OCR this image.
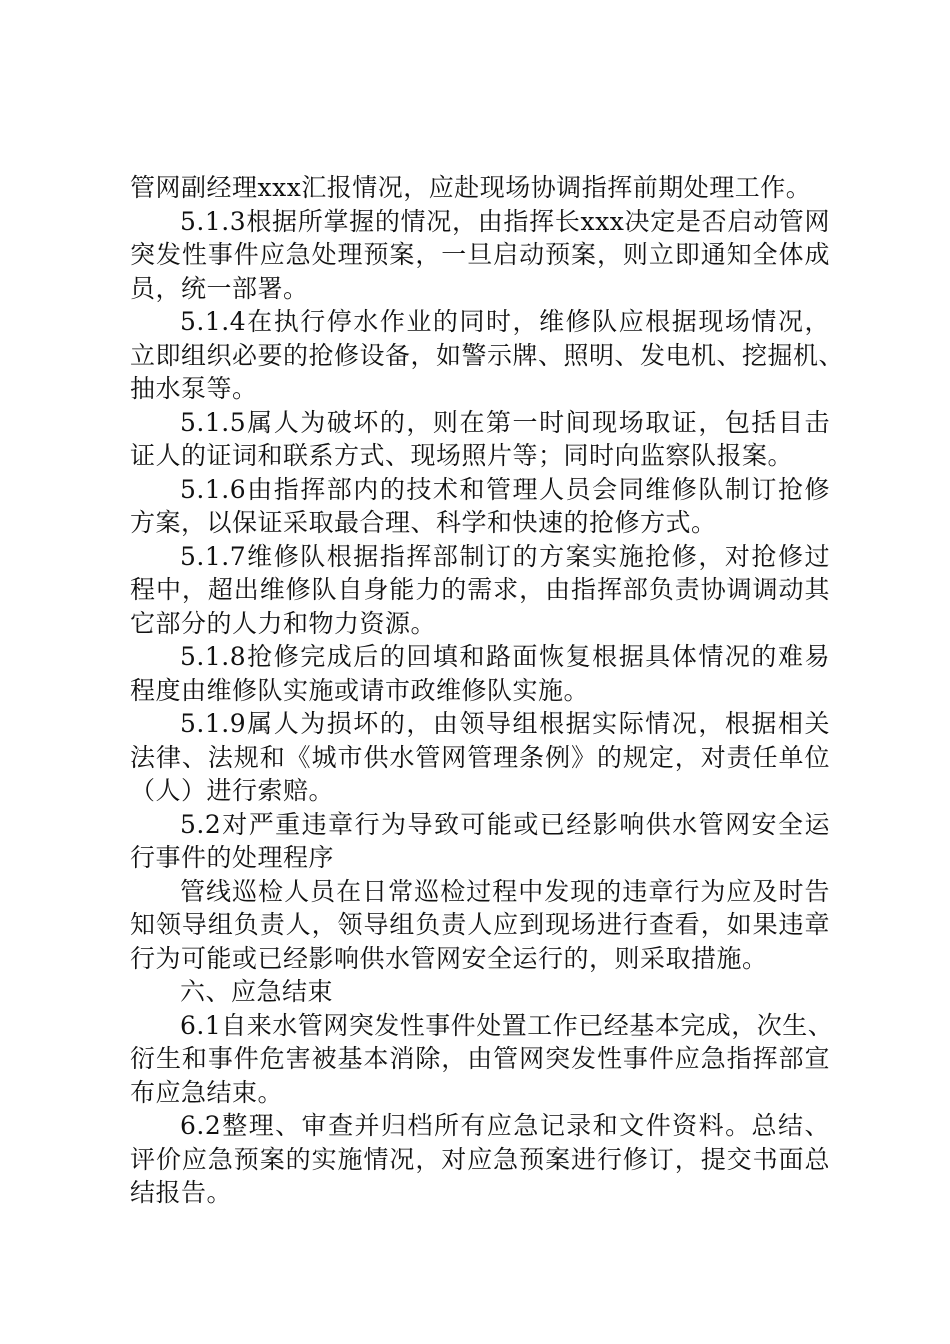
管网副经理xxx汇报情况，应赴现场协调指挥前期处理工作。
5.1.3根据所掌握的情况，由指挥长xxx决定是否启动管网
突发性事件应急处理预案，一旦启动预案，则立即通知全体成
员，统一部署。
5.1.4在执行停水作业的同时，维修队应根据现场情况，
立即组织必要的抢修设备，如警示牌、照明、发电机、挖掘机、
抽水泵等。
5.1.5属人为破坏的，则在第一时间现场取证，包括目击
证人的证词和联系方式、现场照片等；同时向监察队报案。
5.1.6由指挥部内的技术和管理人员会同维修队制订抢修
方案，以保证采取最合理、科学和快速的抢修方式。
5.1.7维修队根据指挥部制订的方案实施抢修，对抢修过
程中，超出维修队自身能力的需求，由指挥部负责协调调动其
它部分的人力和物力资源。
5.1.8抢修完成后的回填和路面恢复根据具体情况的难易
程度由维修队实施或请市政维修队实施。
5.1.9属人为损坏的，由领导组根据实际情况，根据相关
法律、法规和《城市供水管网管理条例》的规定，对责任单位
（人）进行索赔。
5.2对严重违章行为导致可能或已经影响供水管网安全运
行事件的处理程序
管线巡检人员在日常巡检过程中发现的违章行为应及时告
知领导组负责人，领导组负责人应到现场进行查看，如果违章
行为可能或已经影响供水管网安全运行的，则采取措施。
六、应急结束
6.1自来水管网突发性事件处置工作已经基本完成，次生、
衍生和事件危害被基本消除，由管网突发性事件应急指挥部宣
布应急结束。
6.2整理、审查并归档所有应急记录和文件资料。总结、
评价应急预案的实施情况，对应急预案进行修订，提交书面总
结报告。
